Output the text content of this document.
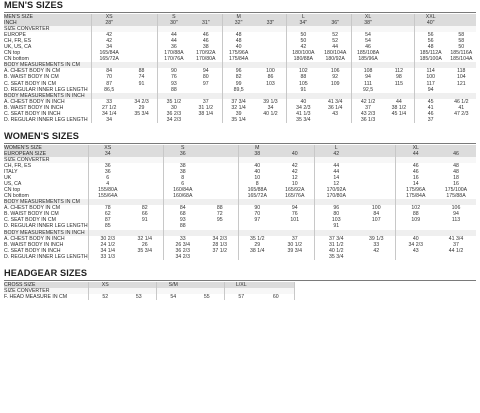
MEN'S SIZES
MEN'S SIZE	XS		S		M		L		XL		XXL	
INCH	28"		30"	31"	32"	33"	34"	36"	38"		40"	
SIZE CONVERTER												
EUROPE	42		44	46	48		50	52	54		56	58
CH, FR, ES	42		44	46	48		50	52	54		56	58
UK, US, CA	34		36	38	40		42	44	46		48	50
CN top	165/84A		170/88A	170/92A	175/96A		180/100A	180/104A	185/108A		185/112A	185/116A
CN bottom	165/72A		170/76A	170/80A	175/84A		180/88A	180/92A	185/96A		185/100A	185/104A
BODY MEASUREMENTS IN CM												
A. CHEST BODY IN CM	84	88	90	94	96	100	102	106	108	112	114	118
B. WAIST BODY IN CM	70	74	76	80	82	86	88	92	94	98	100	104
C. SEAT BODY IN CM	87	91	93	97	99	103	105	109	111	115	117	121
D. REGULAR INNER LEG LENGTH	86,5		88		89,5		91		92,5		94	
BODY MEASUREMENTS IN INCH												
A. CHEST BODY IN INCH	33	34 2/3	35 1/2	37	37 3/4	39 1/3	40	41 3/4	42 1/2	44	45	46 1/2
B. WAIST BODY IN INCH	27 1/2	29	30	31 1/2	32 1/4	34	34 2/3	36 1/4	37	38 1/2	41	41
C. SEAT BODY IN INCH	34 1/4	35 3/4	36 2/3	38 1/4	39	40 1/2	41 1/3	43	43 2/3	45 1/4	46	47 2/3
D. REGULAR INNER LEG LENGTH	34		34 2/3		35 1/4		35 3/4		36 1/3		37	
WOMEN'S SIZES
WOMEN'S SIZE	XS		S		M		L		XL	
EUROPEAN SIZE	34		36		38	40	42		44	46
SIZE CONVERTER										
CH, FR, ES	36		38		40	42	44		46	48
ITALY	36		38		40	42	44		46	48
UK	6		8		10	12	14		16	18
US, CA	4		6		8	10	12		14	16
CN top	155/80A		160/84A		165/88A	165/92A	170/92A		175/96A	175/100A
CN bottom	155/64A		160/68A		165/72A	165/76A	170/80A		175/84A	175/88A
BODY MEASUREMENTS IN CM										
A. CHEST BODY IN CM	78	82	84	88	90	94	96	100	102	106
B. WAIST BODY IN CM	62	66	68	72	70	76	80	84	88	94
C. SEAT BODY IN CM	87	91	93	95	97	101	103	107	109	113
D. REGULAR INNER LEG LENGTH	85		88				91			
BODY MEASUREMENTS IN INCH										
A. CHEST BODY IN INCH	30 2/3	32 1/4	33	34 2/3	35 1/2	37	37 3/4	39 1/3	40	41 3/4
B. WAIST BODY IN INCH	24 1/2	26	26 3/4	28 1/3	29	30 1/2	31 1/2	33	34 2/3	37
C. SEAT BODY IN INCH	34 1/4	35 3/4	36 2/3	37 1/2	38 1/4	39 3/4	40 1/2	42	43	44 1/2
D. REGULAR INNER LEG LENGTH	33 1/3		34 2/3				35 3/4			
HEADGEAR SIZES
CROSS SIZE	XS		S/M		L/XL		
SIZE CONVERTER							
F. HEAD MEASURE IN CM	52	53	54	55	57	60	
